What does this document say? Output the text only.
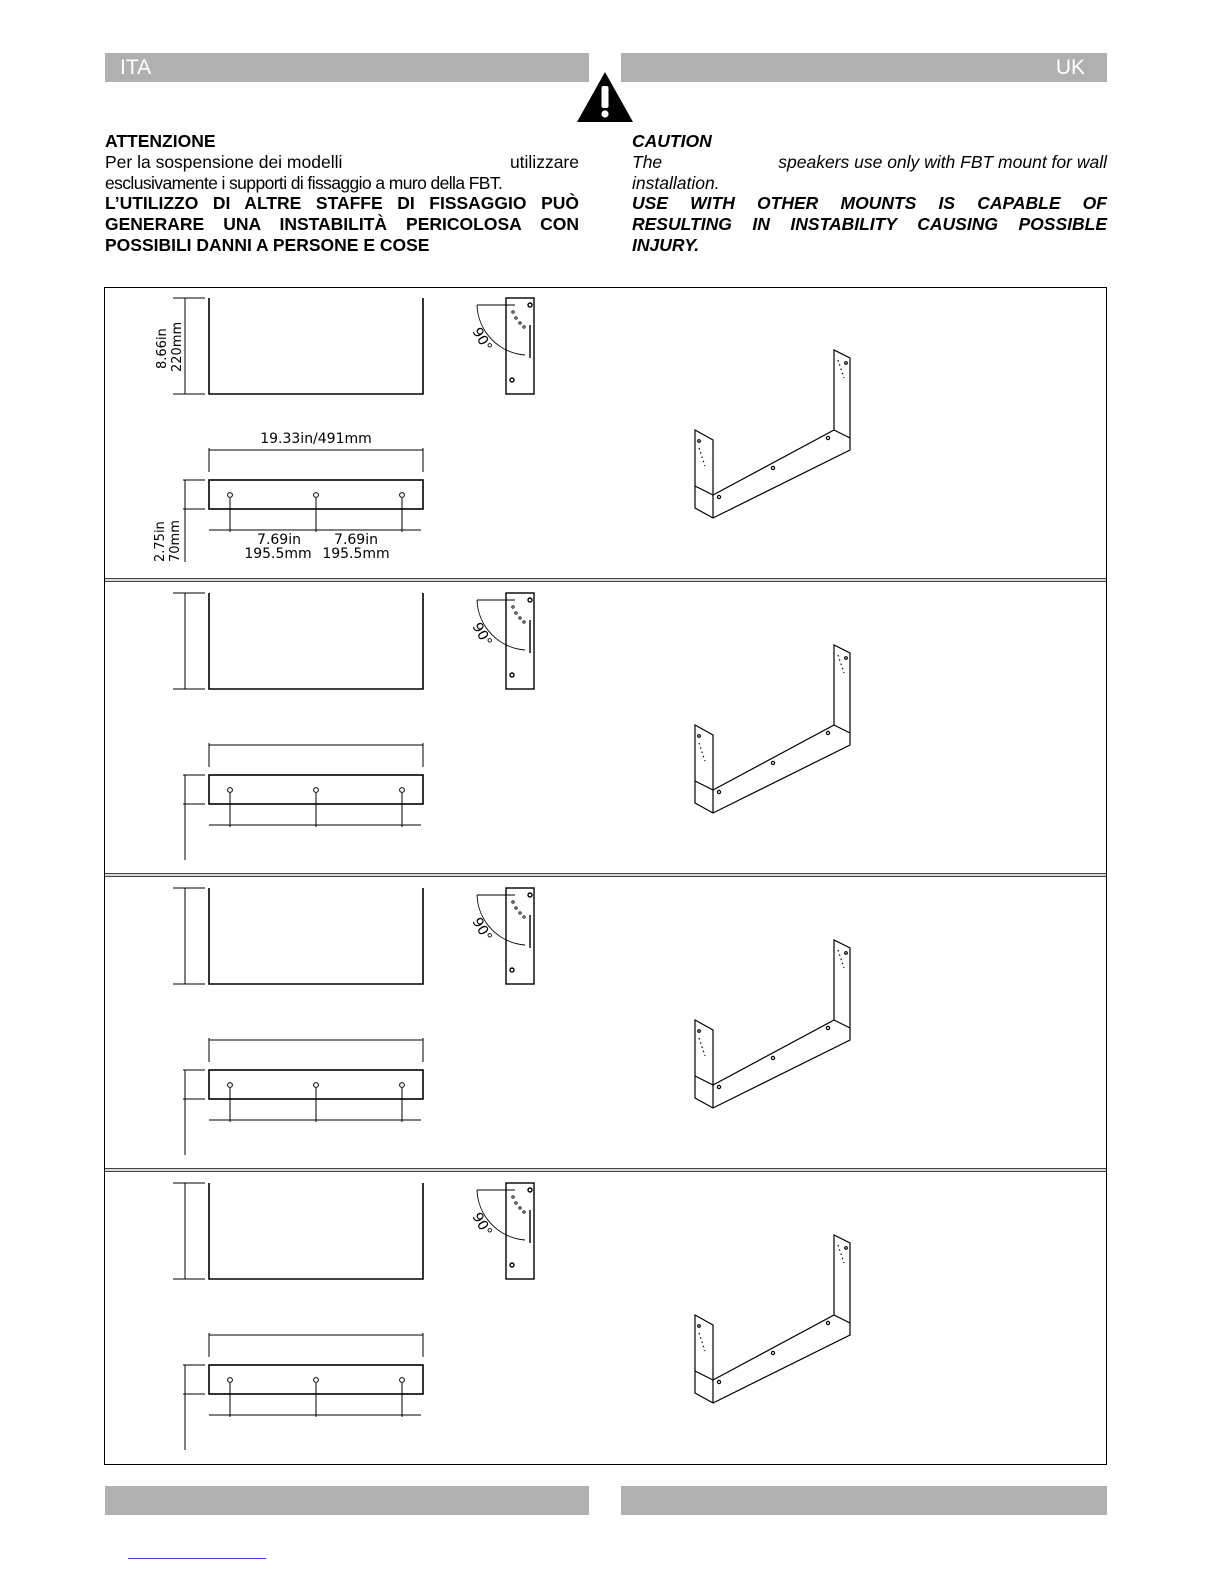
ITA	UK

ATTENZIONE

Per la sospensione dei modelli	utilizzare

esclusivamente i supporti di fissaggio a muro della FBT.

L’UTILIZZO DI ALTRE STAFFE DI FISSAGGIO PUÒ GENERARE UNA INSTABILITÀ PERICOLOSA CON POSSIBILI DANNI A PERSONE E COSE

CAUTION

The	speakers use only with FBT mount for wall

installation.

USE WITH OTHER MOUNTS IS CAPABLE OF RESULTING IN INSTABILITY CAUSING POSSIBLE INJURY.

8.66in 220mm	90°
19.33in/491mm
2.75in 70mm	7.69in
195.5mm
7.69in
195.5mm
90°
90°
90°
